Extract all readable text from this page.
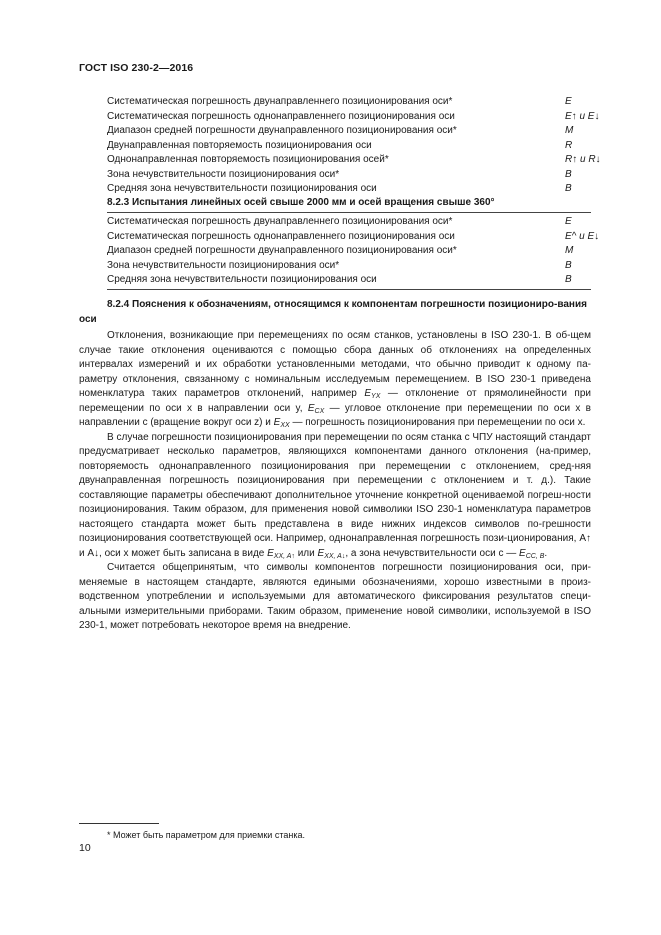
ГОСТ ISO 230-2—2016
Систематическая погрешность двунаправленнего позиционирования оси*	E
Систематическая погрешность однонаправленнего позиционирования оси	E↑ и E↓
Диапазон средней погрешности двунаправленного позиционирования оси*	M
Двунаправленная повторяемость позиционирования оси	R
Однонаправленная повторяемость позиционирования осей*	R↑ и R↓
Зона нечувствительности позиционирования оси*	B
Средняя зона нечувствительности позиционирования оси	B
8.2.3 Испытания линейных осей свыше 2000 мм и осей вращения свыше 360°
Систематическая погрешность двунаправленнего позиционирования оси*	E
Систематическая погрешность однонаправленнего позиционирования оси	E^ и E↓
Диапазон средней погрешности двунаправленного позиционирования оси*	M
Зона нечувствительности позиционирования оси*	B
Средняя зона нечувствительности позиционирования оси	B
8.2.4 Пояснения к обозначениям, относящимся к компонентам погрешности позициониро-вания оси

Отклонения, возникающие при перемещениях по осям станков, установлены в ISO 230-1. В об-щем случае такие отклонения оцениваются с помощью сбора данных об отклонениях на определенных интервалах измерений и их обработки установленными методами, что обычно приводит к одному па-раметру отклонения, связанному с номинальным исследуемым перемещением. В ISO 230-1 приведена номенклатура таких параметров отклонений, например $E_{YX}$ — отклонение от прямолинейности при перемещении по оси x в направлении оси y, $E_{CX}$ — угловое отклонение при перемещении по оси x в направлении c (вращение вокруг оси z) и $E_{XX}$ — погрешность позиционирования при перемещении по оси x.

В случае погрешности позиционирования при перемещении по осям станка с ЧПУ настоящий стандарт предусматривает несколько параметров, являющихся компонентами данного отклонения (на-пример, повторяемость однонаправленного позиционирования при перемещении с отклонением, сред-няя двунаправленная погрешность позиционирования при перемещении с отклонением и т. д.). Такие составляющие параметры обеспечивают дополнительное уточнение конкретной оцениваемой погреш-ности позиционирования. Таким образом, для применения новой символики ISO 230-1 номенклатура параметров настоящего стандарта может быть представлена в виде нижних индексов символов по-грешности позиционирования соответствующей оси. Например, однонаправленная погрешность пози-ционирования, A↑ и A↓, оси x может быть записана в виде $E_{XX, A↑}$ или $E_{XX, A↓}$, а зона нечувствительности оси c — $E_{CC, B}$.

Считается общепринятым, что символы компонентов погрешности позиционирования оси, при-меняемые в настоящем стандарте, являются едиными обозначениями, хорошо известными в произ-водственном употреблении и используемыми для автоматического фиксирования результатов специ-альными измерительными приборами. Таким образом, применение новой символики, используемой в ISO 230-1, может потребовать некоторое время на внедрение.

* Может быть параметром для приемки станка.
10
